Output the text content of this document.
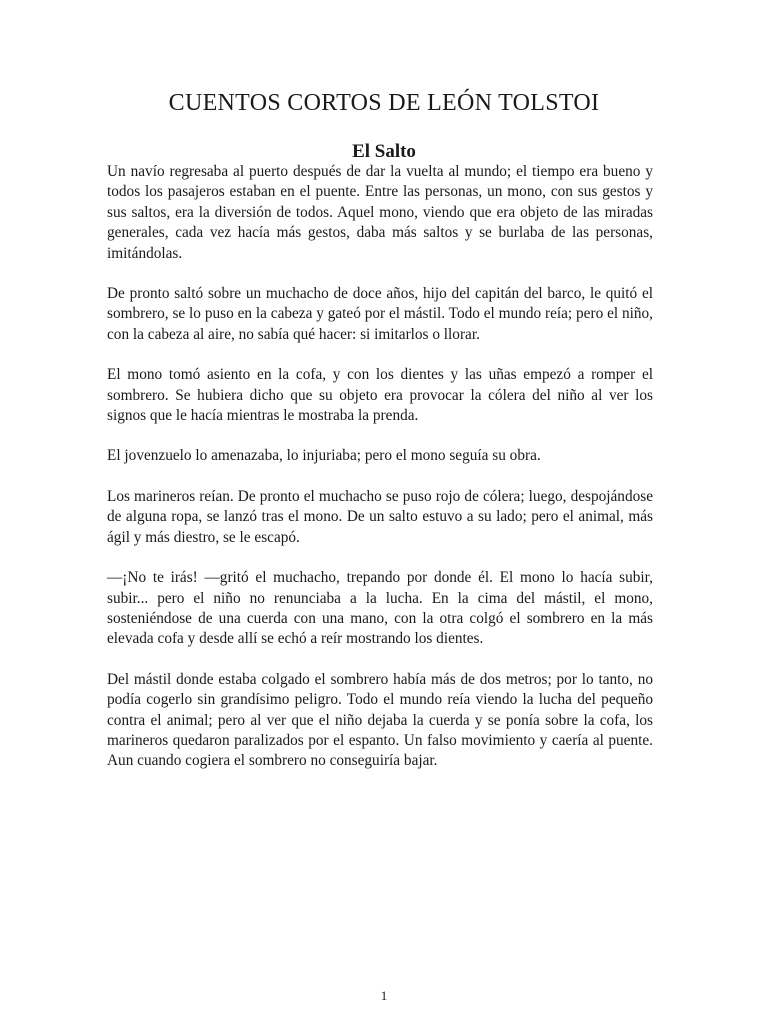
CUENTOS CORTOS DE LEÓN TOLSTOI
El Salto

Un navío regresaba al puerto después de dar la vuelta al mundo; el tiempo era bueno y todos los pasajeros estaban en el puente. Entre las personas, un mono, con sus gestos y sus saltos, era la diversión de todos. Aquel mono, viendo que era objeto de las miradas generales, cada vez hacía más gestos, daba más saltos y se burlaba de las personas, imitándolas.

De pronto saltó sobre un muchacho de doce años, hijo del capitán del barco, le quitó el sombrero, se lo puso en la cabeza y gateó por el mástil. Todo el mundo reía; pero el niño, con la cabeza al aire, no sabía qué hacer: si imitarlos o llorar.

El mono tomó asiento en la cofa, y con los dientes y las uñas empezó a romper el sombrero. Se hubiera dicho que su objeto era provocar la cólera del niño al ver los signos que le hacía mientras le mostraba la prenda.

El jovenzuelo lo amenazaba, lo injuriaba; pero el mono seguía su obra.

Los marineros reían. De pronto el muchacho se puso rojo de cólera; luego, despojándose de alguna ropa, se lanzó tras el mono. De un salto estuvo a su lado; pero el animal, más ágil y más diestro, se le escapó.

—¡No te irás! —gritó el muchacho, trepando por donde él. El mono lo hacía subir, subir... pero el niño no renunciaba a la lucha. En la cima del mástil, el mono, sosteniéndose de una cuerda con una mano, con la otra colgó el sombrero en la más elevada cofa y desde allí se echó a reír mostrando los dientes.

Del mástil donde estaba colgado el sombrero había más de dos metros; por lo tanto, no podía cogerlo sin grandísimo peligro. Todo el mundo reía viendo la lucha del pequeño contra el animal; pero al ver que el niño dejaba la cuerda y se ponía sobre la cofa, los marineros quedaron paralizados por el espanto. Un falso movimiento y caería al puente. Aun cuando cogiera el sombrero no conseguiría bajar.

1
